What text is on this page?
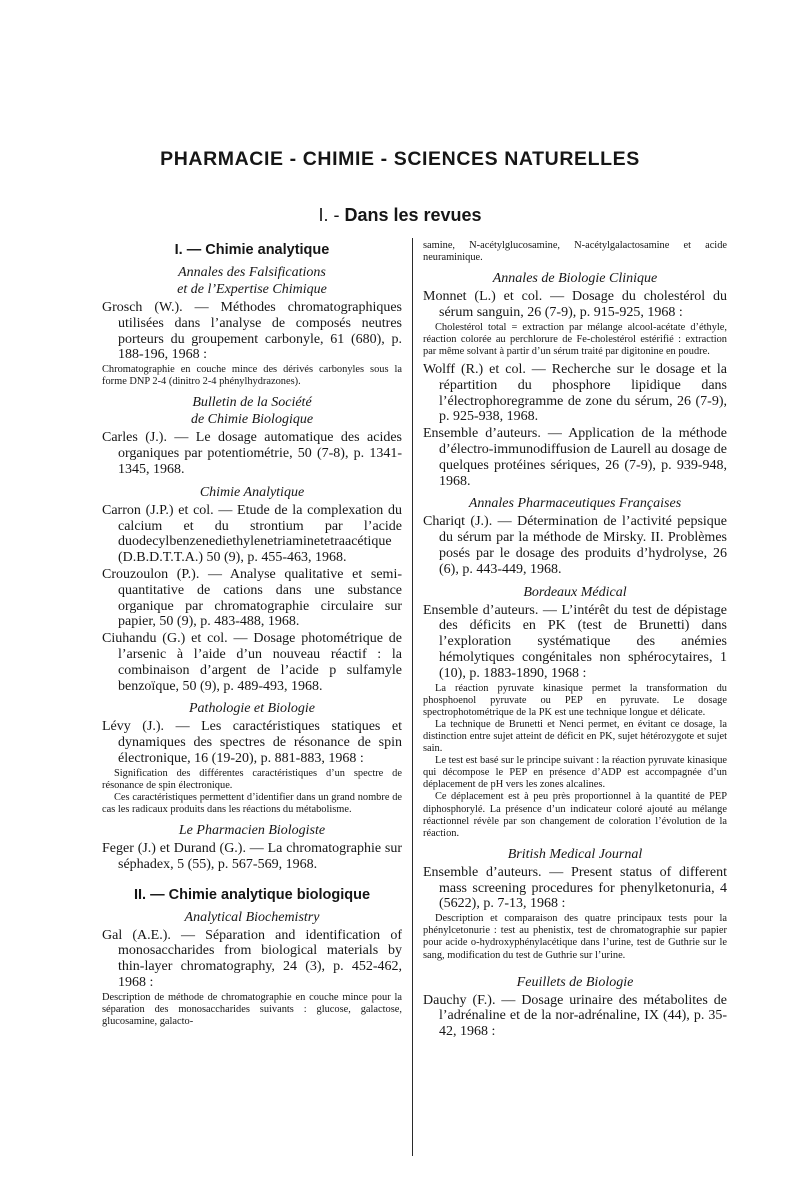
PHARMACIE - CHIMIE - SCIENCES NATURELLES
I. - Dans les revues
I. — Chimie analytique
Annales des Falsifications
et de l’Expertise Chimique
Grosch (W.). — Méthodes chromatographiques utilisées dans l’analyse de composés neutres porteurs du groupement carbonyle, 61 (680), p. 188-196, 1968 :
Chromatographie en couche mince des dérivés carbonyles sous la forme DNP 2-4 (dinitro 2-4 phénylhydrazones).
Bulletin de la Société
de Chimie Biologique
Carles (J.). — Le dosage automatique des acides organiques par potentiométrie, 50 (7-8), p. 1341-1345, 1968.
Chimie Analytique
Carron (J.P.) et col. — Etude de la complexation du calcium et du strontium par l’acide duodecylbenzenediethylenetriaminetetraacétique (D.B.D.T.T.A.) 50 (9), p. 455-463, 1968.
Crouzoulon (P.). — Analyse qualitative et semi-quantitative de cations dans une substance organique par chromatographie circulaire sur papier, 50 (9), p. 483-488, 1968.
Ciuhandu (G.) et col. — Dosage photométrique de l’arsenic à l’aide d’un nouveau réactif : la combinaison d’argent de l’acide p sulfamyle benzoïque, 50 (9), p. 489-493, 1968.
Pathologie et Biologie
Lévy (J.). — Les caractéristiques statiques et dynamiques des spectres de résonance de spin électronique, 16 (19-20), p. 881-883, 1968 :
Signification des différentes caractéristiques d’un spectre de résonance de spin électronique.
Ces caractéristiques permettent d’identifier dans un grand nombre de cas les radicaux produits dans les réactions du métabolisme.
Le Pharmacien Biologiste
Feger (J.) et Durand (G.). — La chromatographie sur séphadex, 5 (55), p. 567-569, 1968.
II. — Chimie analytique biologique
Analytical Biochemistry
Gal (A.E.). — Séparation and identification of monosaccharides from biological materials by thin-layer chromatography, 24 (3), p. 452-462, 1968 :
Description de méthode de chromatographie en couche mince pour la séparation des monosaccharides suivants : glucose, galactose, glucosamine, galacto-
samine, N-acétylglucosamine, N-acétylgalactosamine et acide neuraminique.
Annales de Biologie Clinique
Monnet (L.) et col. — Dosage du cholestérol du sérum sanguin, 26 (7-9), p. 915-925, 1968 :
Cholestérol total = extraction par mélange alcool-acétate d’éthyle, réaction colorée au perchlorure de Fe-cholestérol estérifié : extraction par même solvant à partir d’un sérum traité par digitonine en poudre.
Wolff (R.) et col. — Recherche sur le dosage et la répartition du phosphore lipidique dans l’électrophoregramme de zone du sérum, 26 (7-9), p. 925-938, 1968.
Ensemble d’auteurs. — Application de la méthode d’électro-immunodiffusion de Laurell au dosage de quelques protéines sériques, 26 (7-9), p. 939-948, 1968.
Annales Pharmaceutiques Françaises
Chariqt (J.). — Détermination de l’activité pepsique du sérum par la méthode de Mirsky. II. Problèmes posés par le dosage des produits d’hydrolyse, 26 (6), p. 443-449, 1968.
Bordeaux Médical
Ensemble d’auteurs. — L’intérêt du test de dépistage des déficits en PK (test de Brunetti) dans l’exploration systématique des anémies hémolytiques congénitales non sphérocytaires, 1 (10), p. 1883-1890, 1968 :
La réaction pyruvate kinasique permet la transformation du phosphoenol pyruvate ou PEP en pyruvate. Le dosage spectrophotométrique de la PK est une technique longue et délicate.
La technique de Brunetti et Nenci permet, en évitant ce dosage, la distinction entre sujet atteint de déficit en PK, sujet hétérozygote et sujet sain.
Le test est basé sur le principe suivant : la réaction pyruvate kinasique qui décompose le PEP en présence d’ADP est accompagnée d’un déplacement de pH vers les zones alcalines.
Ce déplacement est à peu près proportionnel à la quantité de PEP diphosphorylé. La présence d’un indicateur coloré ajouté au mélange réactionnel révèle par son changement de coloration l’évolution de la réaction.
British Medical Journal
Ensemble d’auteurs. — Present status of different mass screening procedures for phenylketonuria, 4 (5622), p. 7-13, 1968 :
Description et comparaison des quatre principaux tests pour la phénylcetonurie : test au phenistix, test de chromatographie sur papier pour acide o-hydroxyphénylacétique dans l’urine, test de Guthrie sur le sang, modification du test de Guthrie sur l’urine.
Feuillets de Biologie
Dauchy (F.). — Dosage urinaire des métabolites de l’adrénaline et de la nor-adrénaline, IX (44), p. 35-42, 1968 :
